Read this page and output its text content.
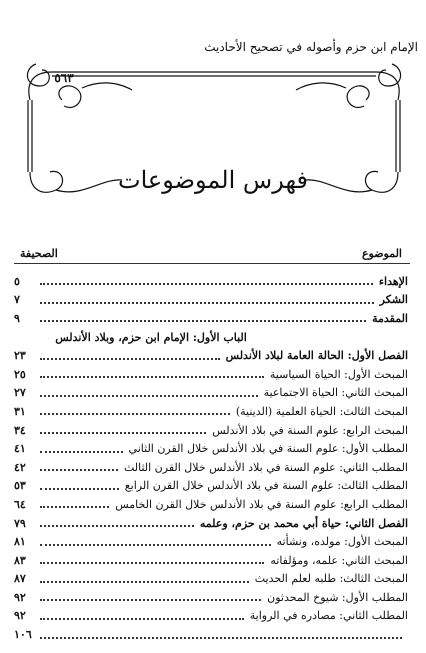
الإمام ابن حزم وأصوله في تصحيح الأحاديث
٥٦٣
فهرس الموضوعات
الموضوع
الصحيفة
الإهداء
٥
الشكر
٧
المقدمة
٩
الباب الأول: الإمام ابن حزم، وبلاد الأندلس
الفصل الأول: الحالة العامة لبلاد الأندلس
٢٣
المبحث الأول: الحياة السياسية
٢٥
المبحث الثاني: الحياة الاجتماعية
٢٧
المبحث الثالث: الحياة العلمية (الدينية)
٣١
المبحث الرابع: علوم السنة في بلاد الأندلس
٣٤
المطلب الأول: علوم السنة في بلاد الأندلس خلال القرن الثاني
٤١
المطلب الثاني: علوم السنة في بلاد الأندلس خلال القرن الثالث
٤٢
المطلب الثالث: علوم السنة في بلاد الأندلس خلال القرن الرابع
٥٣
المطلب الرابع: علوم السنة في بلاد الأندلس خلال القرن الخامس
٦٤
الفصل الثاني: حياة أبي محمد بن حزم، وعلمه
٧٩
المبحث الأول: مولده، ونشأته
٨١
المبحث الثاني: علمه، ومؤلفاته
٨٣
المبحث الثالث: طلبه لعلم الحديث
٨٧
المطلب الأول: شيوخ المحدثون
٩٢
المطلب الثاني: مصادره في الرواية
٩٢
١٠٦
